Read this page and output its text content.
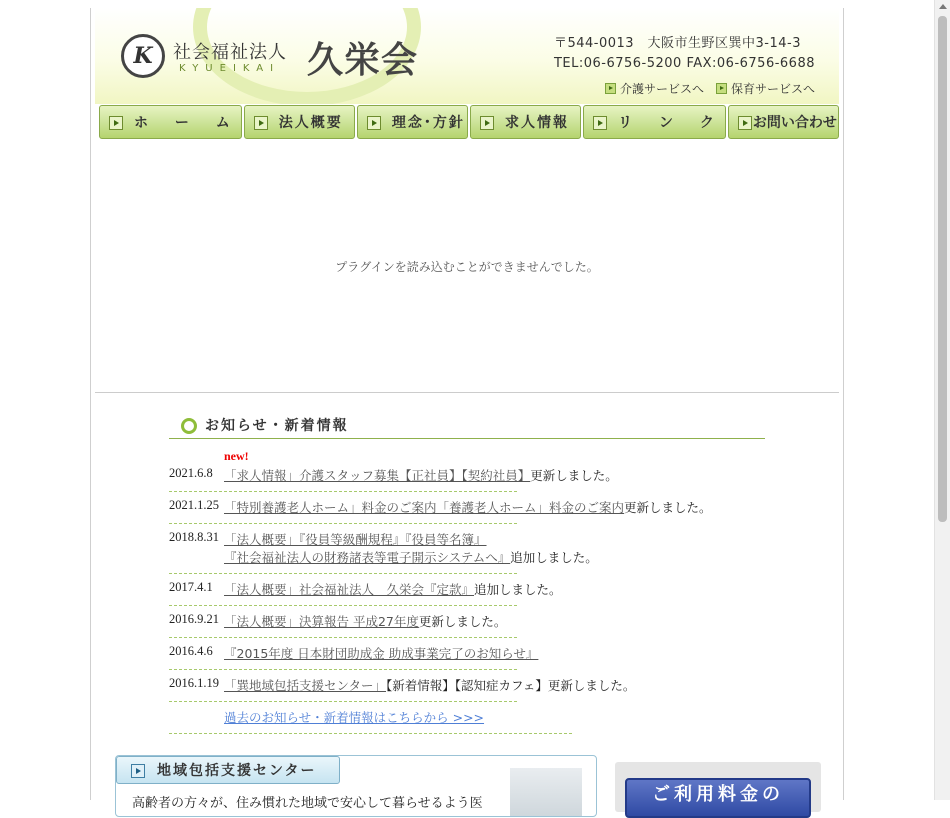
K	社会福祉法人
KYUEIKAI 久栄会	〒544-0013　大阪市生野区巽中3-14-3
TEL:06-6756-5200 FAX:06-6756-6688
介護サービスへ 保育サービスへ
ホ ー ム	法人概要	理念･方針	求人情報	リ ン ク お問い合わせ
プラグインを読み込むことができませんでした。
お知らせ・新着情報
new!
2021.6.8 「求人情報」介護スタッフ募集【正社員】【契約社員】更新しました。
2021.1.25 「特別養護老人ホーム」料金のご案内「養護老人ホーム」料金のご案内更新しました。
2018.8.31 「法人概要」『役員等級酬規程』『役員等名簿』
『社会福祉法人の財務諸表等電子開示システムへ』追加しました。
2017.4.1 「法人概要」社会福祉法人　久栄会『定款』追加しました。
2016.9.21 「法人概要」決算報告 平成27年度更新しました。
2016.4.6 『2015年度 日本財団助成金 助成事業完了のお知らせ』
2016.1.19 「巽地域包括支援センター」【新着情報】【認知症カフェ】更新しました。
過去のお知らせ・新着情報はこちらから >>>
地域包括支援センター
高齢者の方々が、住み慣れた地域で安心して暮らせるよう医	ご利用料金の
